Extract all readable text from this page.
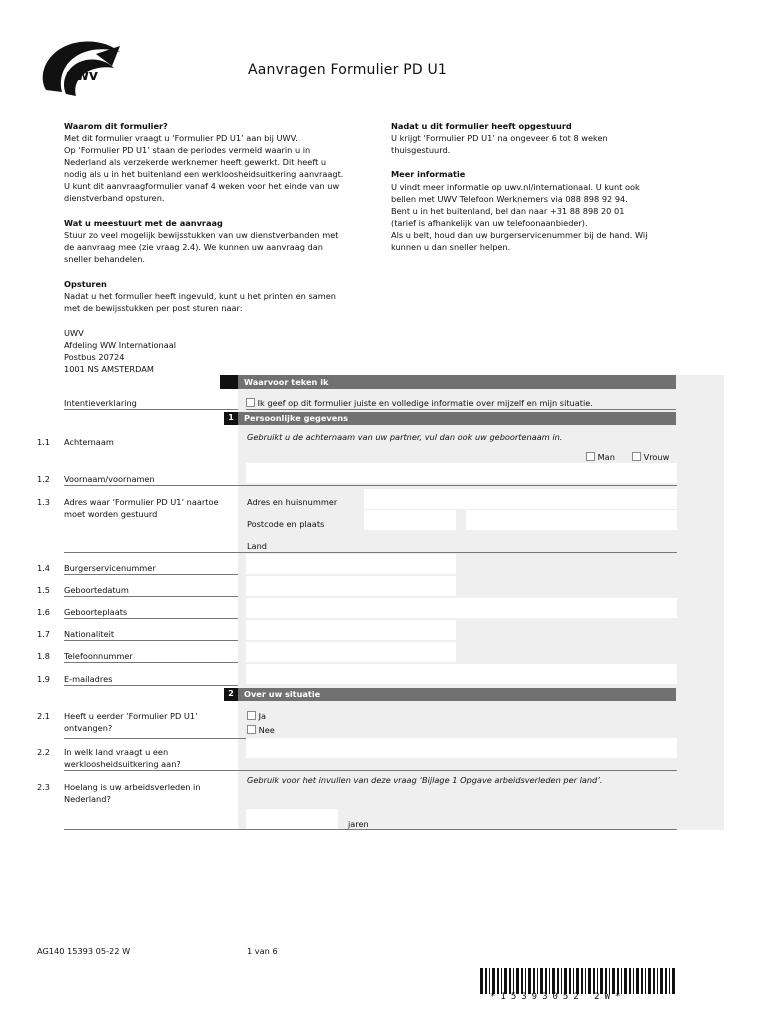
uwv	Aanvragen Formulier PD U1
Waarom dit formulier?
Met dit formulier vraagt u ‘Formulier PD U1’ aan bij UWV.
Op ‘Formulier PD U1’ staan de periodes vermeld waarin u in
Nederland als verzekerde werknemer heeft gewerkt. Dit heeft u
nodig als u in het buitenland een werkloosheidsuitkering aanvraagt.
U kunt dit aanvraagformulier vanaf 4 weken voor het einde van uw
dienstverband opsturen.
Wat u meestuurt met de aanvraag
Stuur zo veel mogelijk bewijsstukken van uw dienstverbanden met
de aanvraag mee (zie vraag 2.4). We kunnen uw aanvraag dan
sneller behandelen.
Opsturen
Nadat u het formulier heeft ingevuld, kunt u het printen en samen
met de bewijsstukken per post sturen naar:
UWV
Afdeling WW Internationaal
Postbus 20724
1001 NS AMSTERDAM
Nadat u dit formulier heeft opgestuurd
U krijgt ‘Formulier PD U1’ na ongeveer 6 tot 8 weken
thuisgestuurd.
Meer informatie
U vindt meer informatie op uwv.nl/internationaal. U kunt ook
bellen met UWV Telefoon Werknemers via 088 898 92 94.
Bent u in het buitenland, bel dan naar +31 88 898 20 01
(tarief is afhankelijk van uw telefoonaanbieder).
Als u belt, houd dan uw burgerservicenummer bij de hand. Wij
kunnen u dan sneller helpen.
Waarvoor teken ik
Intentieverklaring	Ik geef op dit formulier juiste en volledige informatie over mijzelf en mijn situatie.
1	Persoonlijke gegevens
1.1 Achternaam	Gebruikt u de achternaam van uw partner, vul dan ook uw geboortenaam in.
Man	Vrouw
1.2 Voornaam/voornamen
1.3 Adres waar ‘Formulier PD U1’ naartoe
moet worden gestuurd
Adres en huisnummer
Postcode en plaats
Land
1.4 Burgerservicenummer
1.5 Geboortedatum
1.6 Geboorteplaats
1.7 Nationaliteit
1.8 Telefoonnummer
1.9 E-mailadres
2	Over uw situatie
2.1 Heeft u eerder ‘Formulier PD U1’
ontvangen?
Ja
Nee
2.2 In welk land vraagt u een
werkloosheidsuitkering aan?
2.3 Hoelang is uw arbeidsverleden in
Nederland?
Gebruik voor het invullen van deze vraag ‘Bijlage 1 Opgave arbeidsverleden per land’.
jaren
AG140 15393 05-22 W	1 van 6
*15393052 2W*
